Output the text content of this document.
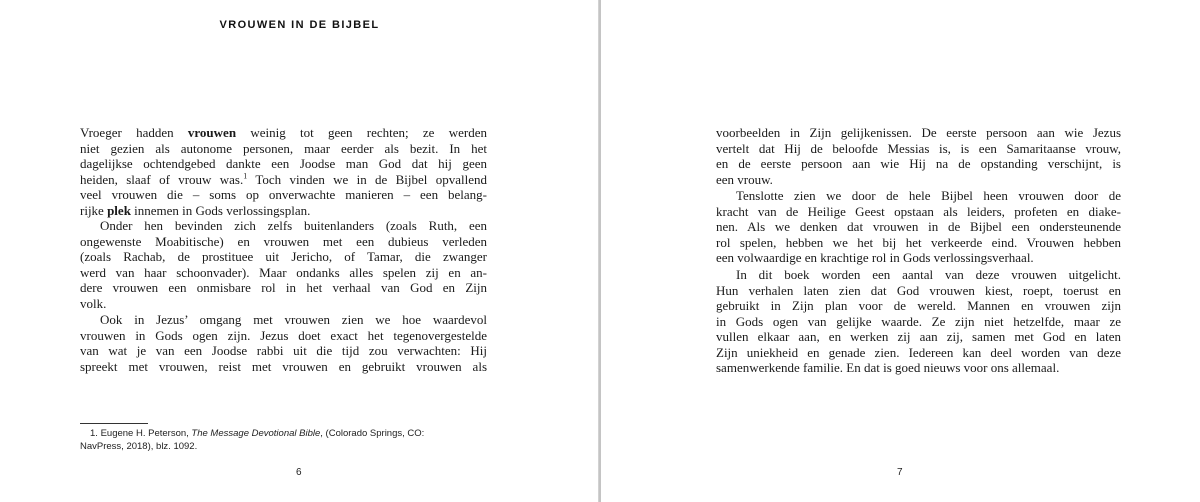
VROUWEN IN DE BIJBEL

Vroeger hadden vrouwen weinig tot geen rechten; ze werden
niet gezien als autonome personen, maar eerder als bezit. In het
dagelijkse ochtendgebed dankte een Joodse man God dat hij geen
heiden, slaaf of vrouw was.$^1$ Toch vinden we in de Bijbel opvallend
veel vrouwen die – soms op onverwachte manieren – een belang-
rijke plek innemen in Gods verlossingsplan.

Onder hen bevinden zich zelfs buitenlanders (zoals Ruth, een
ongewenste Moabitische) en vrouwen met een dubieus verleden
(zoals Rachab, de prostituee uit Jericho, of Tamar, die zwanger
werd van haar schoonvader). Maar ondanks alles spelen zij en an-
dere vrouwen een onmisbare rol in het verhaal van God en Zijn
volk.

Ook in Jezus’ omgang met vrouwen zien we hoe waardevol
vrouwen in Gods ogen zijn. Jezus doet exact het tegenovergestelde
van wat je van een Joodse rabbi uit die tijd zou verwachten: Hij
spreekt met vrouwen, reist met vrouwen en gebruikt vrouwen als

1. Eugene H. Peterson, The Message Devotional Bible, (Colorado Springs, CO:
NavPress, 2018), blz. 1092.
6

voorbeelden in Zijn gelijkenissen. De eerste persoon aan wie Jezus
vertelt dat Hij de beloofde Messias is, is een Samaritaanse vrouw,
en de eerste persoon aan wie Hij na de opstanding verschijnt, is
een vrouw.

Tenslotte zien we door de hele Bijbel heen vrouwen door de
kracht van de Heilige Geest opstaan als leiders, profeten en diake-
nen. Als we denken dat vrouwen in de Bijbel een ondersteunende
rol spelen, hebben we het bij het verkeerde eind. Vrouwen hebben
een volwaardige en krachtige rol in Gods verlossingsverhaal.

In dit boek worden een aantal van deze vrouwen uitgelicht.
Hun verhalen laten zien dat God vrouwen kiest, roept, toerust en
gebruikt in Zijn plan voor de wereld. Mannen en vrouwen zijn
in Gods ogen van gelijke waarde. Ze zijn niet hetzelfde, maar ze
vullen elkaar aan, en werken zij aan zij, samen met God en laten
Zijn uniekheid en genade zien. Iedereen kan deel worden van deze
samenwerkende familie. En dat is goed nieuws voor ons allemaal.

7
